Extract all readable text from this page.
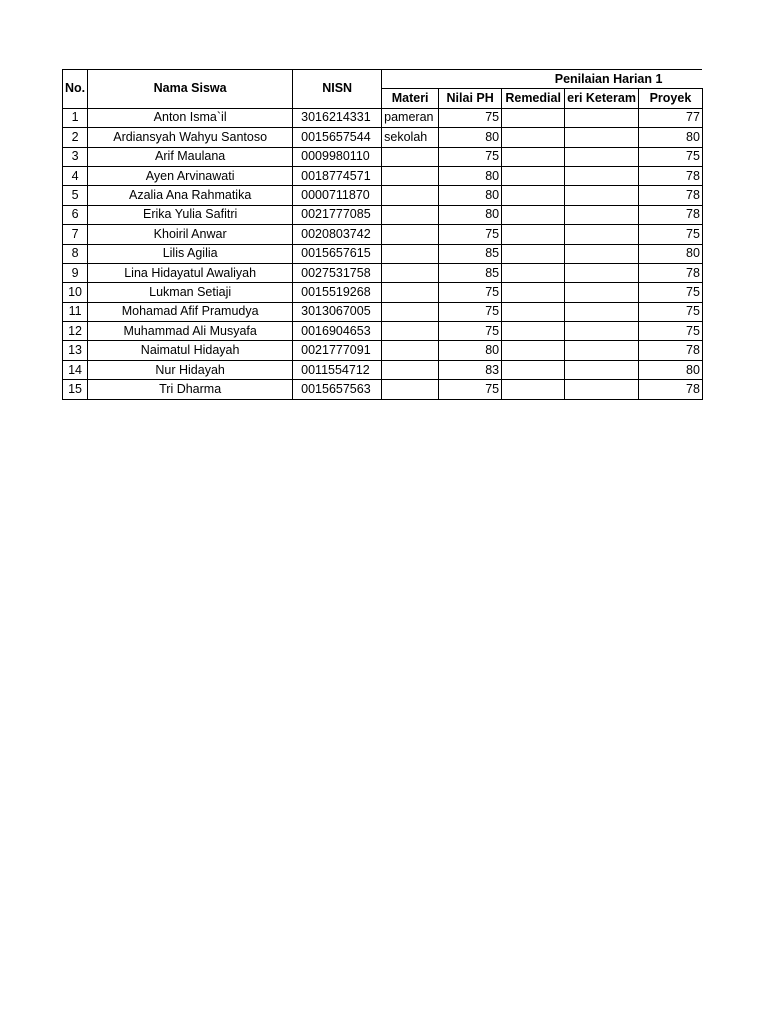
No.	Nama Siswa	NISN	Penilaian Harian 1				
			Materi	Nilai PH	Remedial	eri Keteram	Proyek
1	Anton Isma`il	3016214331	pameran	75			77
2	Ardiansyah Wahyu Santoso	0015657544	sekolah	80			80
3	Arif Maulana	0009980110		75			75
4	Ayen Arvinawati	0018774571		80			78
5	Azalia Ana Rahmatika	0000711870		80			78
6	Erika Yulia Safitri	0021777085		80			78
7	Khoiril Anwar	0020803742		75			75
8	Lilis Agilia	0015657615		85			80
9	Lina Hidayatul Awaliyah	0027531758		85			78
10	Lukman Setiaji	0015519268		75			75
11	Mohamad Afif Pramudya	3013067005		75			75
12	Muhammad Ali Musyafa	0016904653		75			75
13	Naimatul Hidayah	0021777091		80			78
14	Nur Hidayah	0011554712		83			80
15	Tri Dharma	0015657563		75			78
